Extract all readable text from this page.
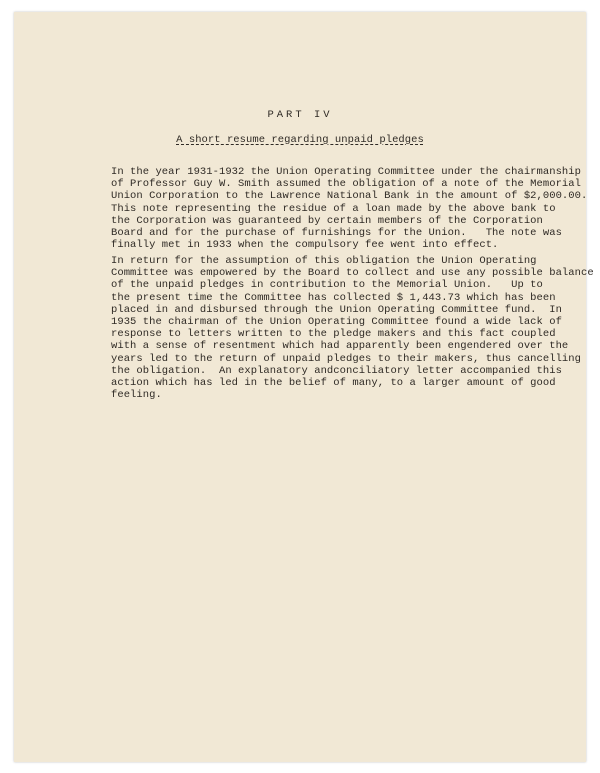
PART IV
A short resume regarding unpaid pledges
In the year 1931-1932 the Union Operating Committee under the chairmanship
of Professor Guy W. Smith assumed the obligation of a note of the Memorial
Union Corporation to the Lawrence National Bank in the amount of $2,000.00.
This note representing the residue of a loan made by the above bank to
the Corporation was guaranteed by certain members of the Corporation
Board and for the purchase of furnishings for the Union.   The note was
finally met in 1933 when the compulsory fee went into effect.
In return for the assumption of this obligation the Union Operating
Committee was empowered by the Board to collect and use any possible balance
of the unpaid pledges in contribution to the Memorial Union.   Up to
the present time the Committee has collected $ 1,443.73 which has been
placed in and disbursed through the Union Operating Committee fund.  In
1935 the chairman of the Union Operating Committee found a wide lack of
response to letters written to the pledge makers and this fact coupled
with a sense of resentment which had apparently been engendered over the
years led to the return of unpaid pledges to their makers, thus cancelling
the obligation.  An explanatory andconciliatory letter accompanied this
action which has led in the belief of many, to a larger amount of good
feeling.
